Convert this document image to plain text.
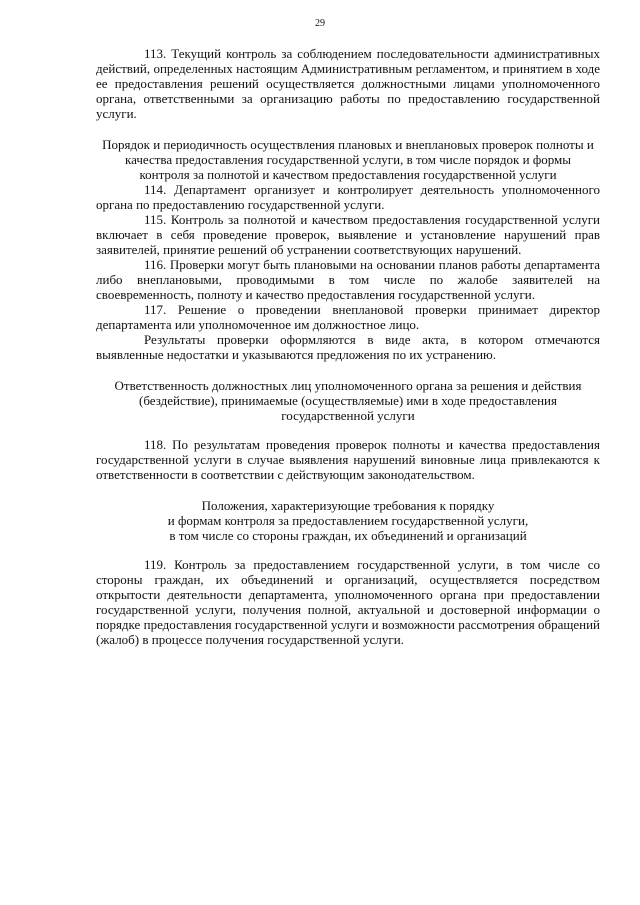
29

113. Текущий контроль за соблюдением последовательности административных действий, определенных настоящим Административным регламентом, и принятием в ходе ее предоставления решений осуществляется должностными лицами уполномоченного органа, ответственными за организацию работы по предоставлению государственной услуги.

Порядок и периодичность осуществления плановых и внеплановых проверок полноты и качества предоставления государственной услуги, в том числе порядок и формы контроля за полнотой и качеством предоставления государственной услуги

114. Департамент организует и контролирует деятельность уполномоченного органа по предоставлению государственной услуги.

115. Контроль за полнотой и качеством предоставления государственной услуги включает в себя проведение проверок, выявление и установление нарушений прав заявителей, принятие решений об устранении соответствующих нарушений.

116. Проверки могут быть плановыми на основании планов работы департамента либо внеплановыми, проводимыми в том числе по жалобе заявителей на своевременность, полноту и качество предоставления государственной услуги.

117. Решение о проведении внеплановой проверки принимает директор департамента или уполномоченное им должностное лицо.

Результаты проверки оформляются в виде акта, в котором отмечаются выявленные недостатки и указываются предложения по их устранению.

Ответственность должностных лиц уполномоченного органа за решения и действия (бездействие), принимаемые (осуществляемые) ими в ходе предоставления государственной услуги

118. По результатам проведения проверок полноты и качества предоставления государственной услуги в случае выявления нарушений виновные лица привлекаются к ответственности в соответствии с действующим законодательством.

Положения, характеризующие требования к порядку

и формам контроля за предоставлением государственной услуги,

в том числе со стороны граждан, их объединений и организаций

119. Контроль за предоставлением государственной услуги, в том числе со стороны граждан, их объединений и организаций, осуществляется посредством открытости деятельности департамента, уполномоченного органа при предоставлении государственной услуги, получения полной, актуальной и достоверной информации о порядке предоставления государственной услуги и возможности рассмотрения обращений (жалоб) в процессе получения государственной услуги.
